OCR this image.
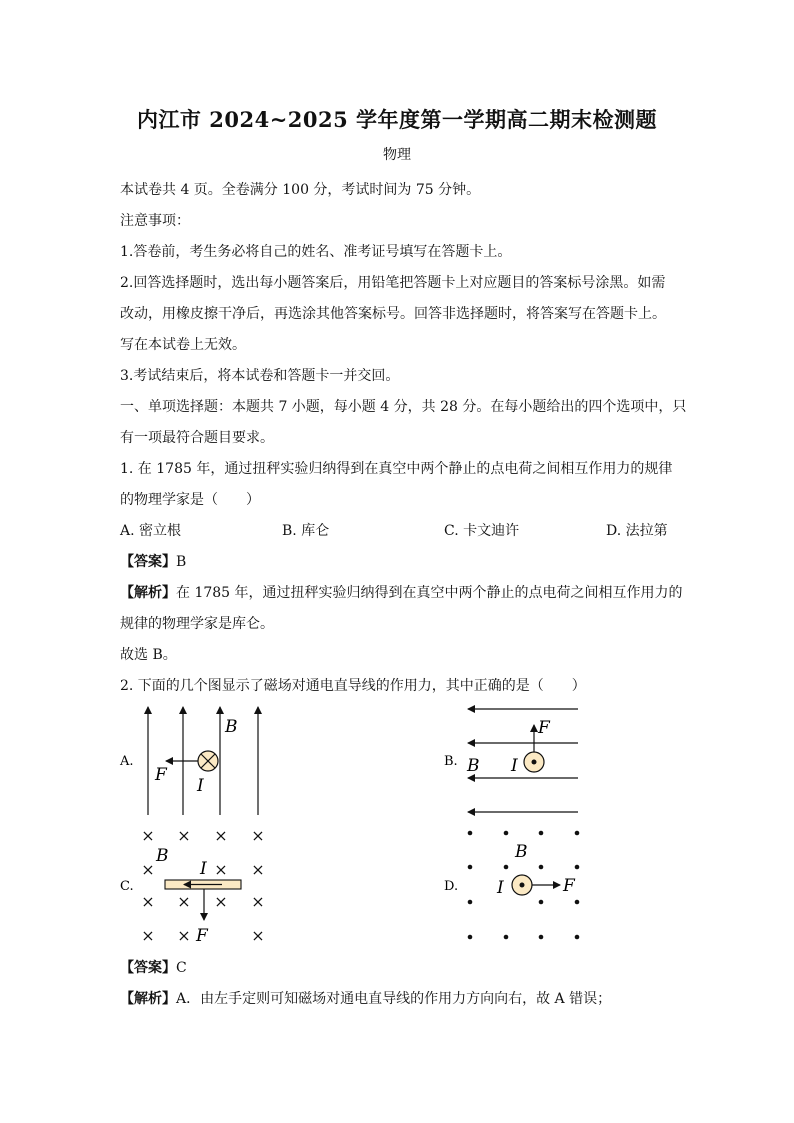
内江市 2024~2025 学年度第一学期高二期末检测题
物理
本试卷共 4 页。全卷满分 100 分，考试时间为 75 分钟。
注意事项：
1.答卷前，考生务必将自己的姓名、准考证号填写在答题卡上。
2.回答选择题时，选出每小题答案后，用铅笔把答题卡上对应题目的答案标号涂黑。如需
改动，用橡皮擦干净后，再选涂其他答案标号。回答非选择题时，将答案写在答题卡上。
写在本试卷上无效。
3.考试结束后，将本试卷和答题卡一并交回。
一、单项选择题：本题共 7 小题，每小题 4 分，共 28 分。在每小题给出的四个选项中，只
有一项最符合题目要求。
1. 在 1785 年，通过扭秤实验归纳得到在真空中两个静止的点电荷之间相互作用力的规律
的物理学家是（　　）
A. 密立根	B. 库仑	C. 卡文迪许	D. 法拉第
【答案】B
【解析】在 1785 年，通过扭秤实验归纳得到在真空中两个静止的点电荷之间相互作用力的
规律的物理学家是库仑。
故选 B。
2. 下面的几个图显示了磁场对通电直导线的作用力，其中正确的是（　　）
A.
B
F
I
B.
F
B I
C.
× × × ×
×	× ×
× × × ×
× ×	×
B
I
F
D.
B
F
I
【答案】C
【解析】A．由左手定则可知磁场对通电直导线的作用力方向向右，故 A 错误；
